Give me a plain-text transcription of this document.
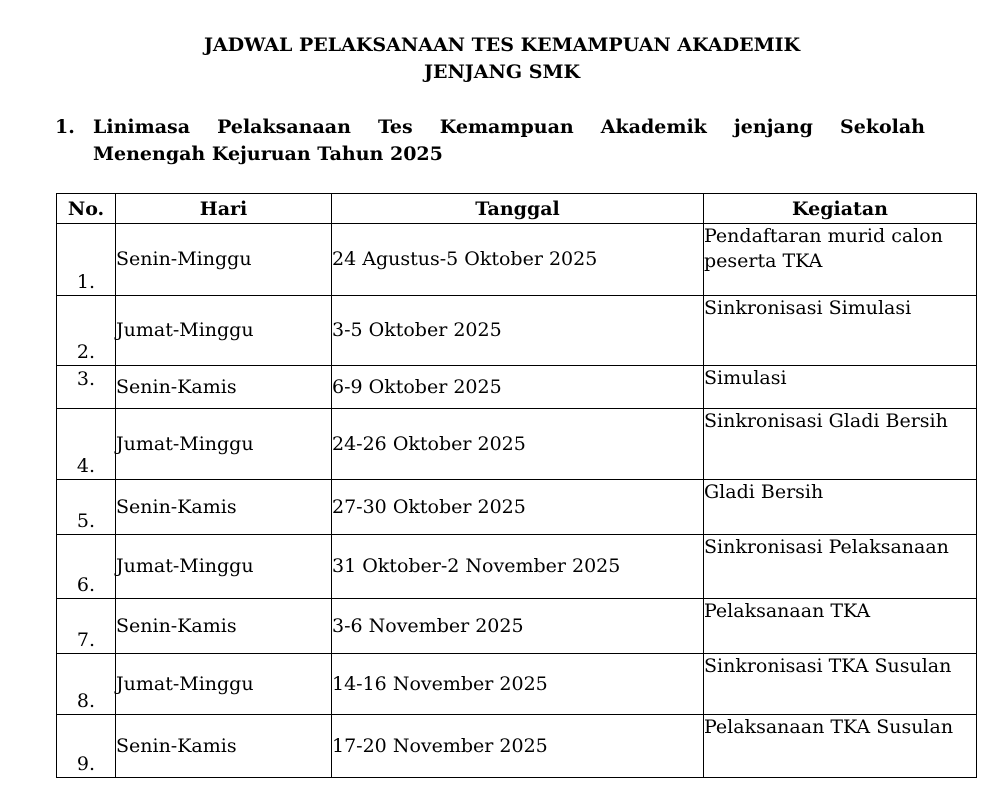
JADWAL PELAKSANAAN TES KEMAMPUAN AKADEMIK
JENJANG SMK
1. Linimasa Pelaksanaan Tes Kemampuan Akademik jenjang Sekolah
Menengah Kejuruan Tahun 2025
No.	Hari	Tanggal	Kegiatan
1.	Senin-Minggu	24 Agustus-5 Oktober 2025	Pendaftaran murid calon peserta TKA
2.	Jumat-Minggu	3-5 Oktober 2025	Sinkronisasi Simulasi
3.	Senin-Kamis	6-9 Oktober 2025	Simulasi
4.	Jumat-Minggu	24-26 Oktober 2025	Sinkronisasi Gladi Bersih
5.	Senin-Kamis	27-30 Oktober 2025	Gladi Bersih
6.	Jumat-Minggu	31 Oktober-2 November 2025	Sinkronisasi Pelaksanaan
7.	Senin-Kamis	3-6 November 2025	Pelaksanaan TKA
8.	Jumat-Minggu	14-16 November 2025	Sinkronisasi TKA Susulan
9.	Senin-Kamis	17-20 November 2025	Pelaksanaan TKA Susulan
